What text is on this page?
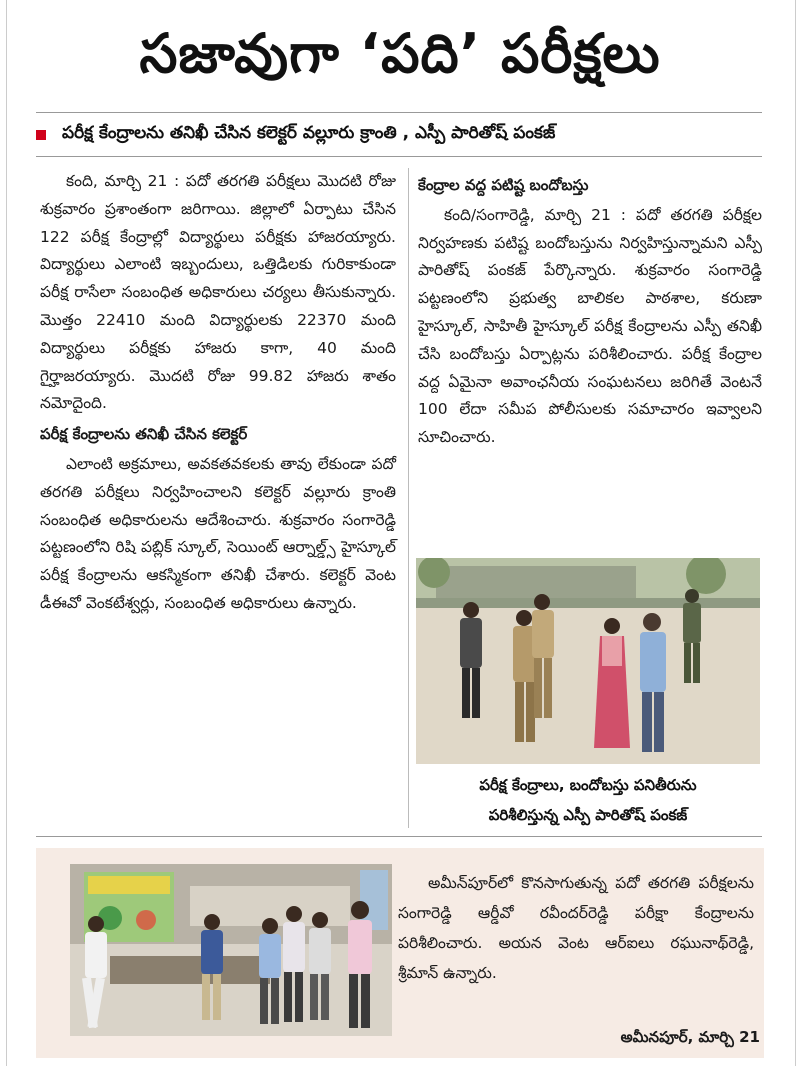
సజావుగా ‘పది’ పరీక్షలు
పరీక్ష కేంద్రాలను తనిఖీ చేసిన కలెక్టర్ వల్లూరు క్రాంతి , ఎస్పీ పారితోష్ పంకజ్

కంది, మార్చి 21 : పదో తరగతి పరీక్షలు మొదటి రోజు శుక్రవారం ప్రశాంతంగా జరిగాయి. జిల్లాలో ఏర్పాటు చేసిన 122 పరీక్ష కేంద్రాల్లో విద్యార్థులు పరీక్షకు హాజరయ్యారు. విద్యార్థులు ఎలాంటి ఇబ్బందులు, ఒత్తిడిలకు గురికాకుండా పరీక్ష రాసేలా సంబంధిత అధికారులు చర్యలు తీసుకున్నారు. మొత్తం 22410 మంది విద్యార్థులకు 22370 మంది విద్యార్థులు పరీక్షకు హాజరు కాగా, 40 మంది గైర్హాజరయ్యారు. మొదటి రోజు 99.82 హాజరు శాతం నమోదైంది.

పరీక్ష కేంద్రాలను తనిఖీ చేసిన కలెక్టర్

ఎలాంటి అక్రమాలు, అవకతవకలకు తావు లేకుండా పదో తరగతి పరీక్షలు నిర్వహించాలని కలెక్టర్ వల్లూరు క్రాంతి సంబంధిత అధికారులను ఆదేశించారు. శుక్రవారం సంగారెడ్డి పట్టణంలోని రిషి పబ్లిక్ స్కూల్, సెయింట్ ఆర్నాల్డ్స్ హైస్కూల్ పరీక్ష కేంద్రాలను ఆకస్మికంగా తనిఖీ చేశారు. కలెక్టర్ వెంట డీఈవో వెంకటేశ్వర్లు, సంబంధిత అధికారులు ఉన్నారు.

కేంద్రాల వద్ద పటిష్ట బందోబస్తు

కంది/సంగారెడ్డి, మార్చి 21 : పదో తరగతి పరీక్షల నిర్వహణకు పటిష్ట బందోబస్తును నిర్వహిస్తున్నామని ఎస్పీ పారితోష్ పంకజ్ పేర్కొన్నారు. శుక్రవారం సంగారెడ్డి పట్టణంలోని ప్రభుత్వ బాలికల పాఠశాల, కరుణా హైస్కూల్, సాహితీ హైస్కూల్ పరీక్ష కేంద్రాలను ఎస్పీ తనిఖీ చేసి బందోబస్తు ఏర్పాట్లను పరిశీలించారు. పరీక్ష కేంద్రాల వద్ద ఏమైనా అవాంఛనీయ సంఘటనలు జరిగితే వెంటనే 100 లేదా సమీప పోలీసులకు సమాచారం ఇవ్వాలని సూచించారు.

పరీక్ష కేంద్రాలు, బందోబస్తు పనితీరును
పరిశీలిస్తున్న ఎస్పీ పారితోష్ పంకజ్

అమీన్‌పూర్‌లో కొనసాగుతున్న పదో తరగతి పరీక్షలను సంగారెడ్డి ఆర్డీవో రవీందర్‌రెడ్డి పరీక్షా కేంద్రాలను పరిశీలించారు. అయన వెంట ఆర్‌ఐలు రఘునాథ్‌రెడ్డి, శ్రీమాన్ ఉన్నారు.

అమీనపూర్, మార్చి 21
